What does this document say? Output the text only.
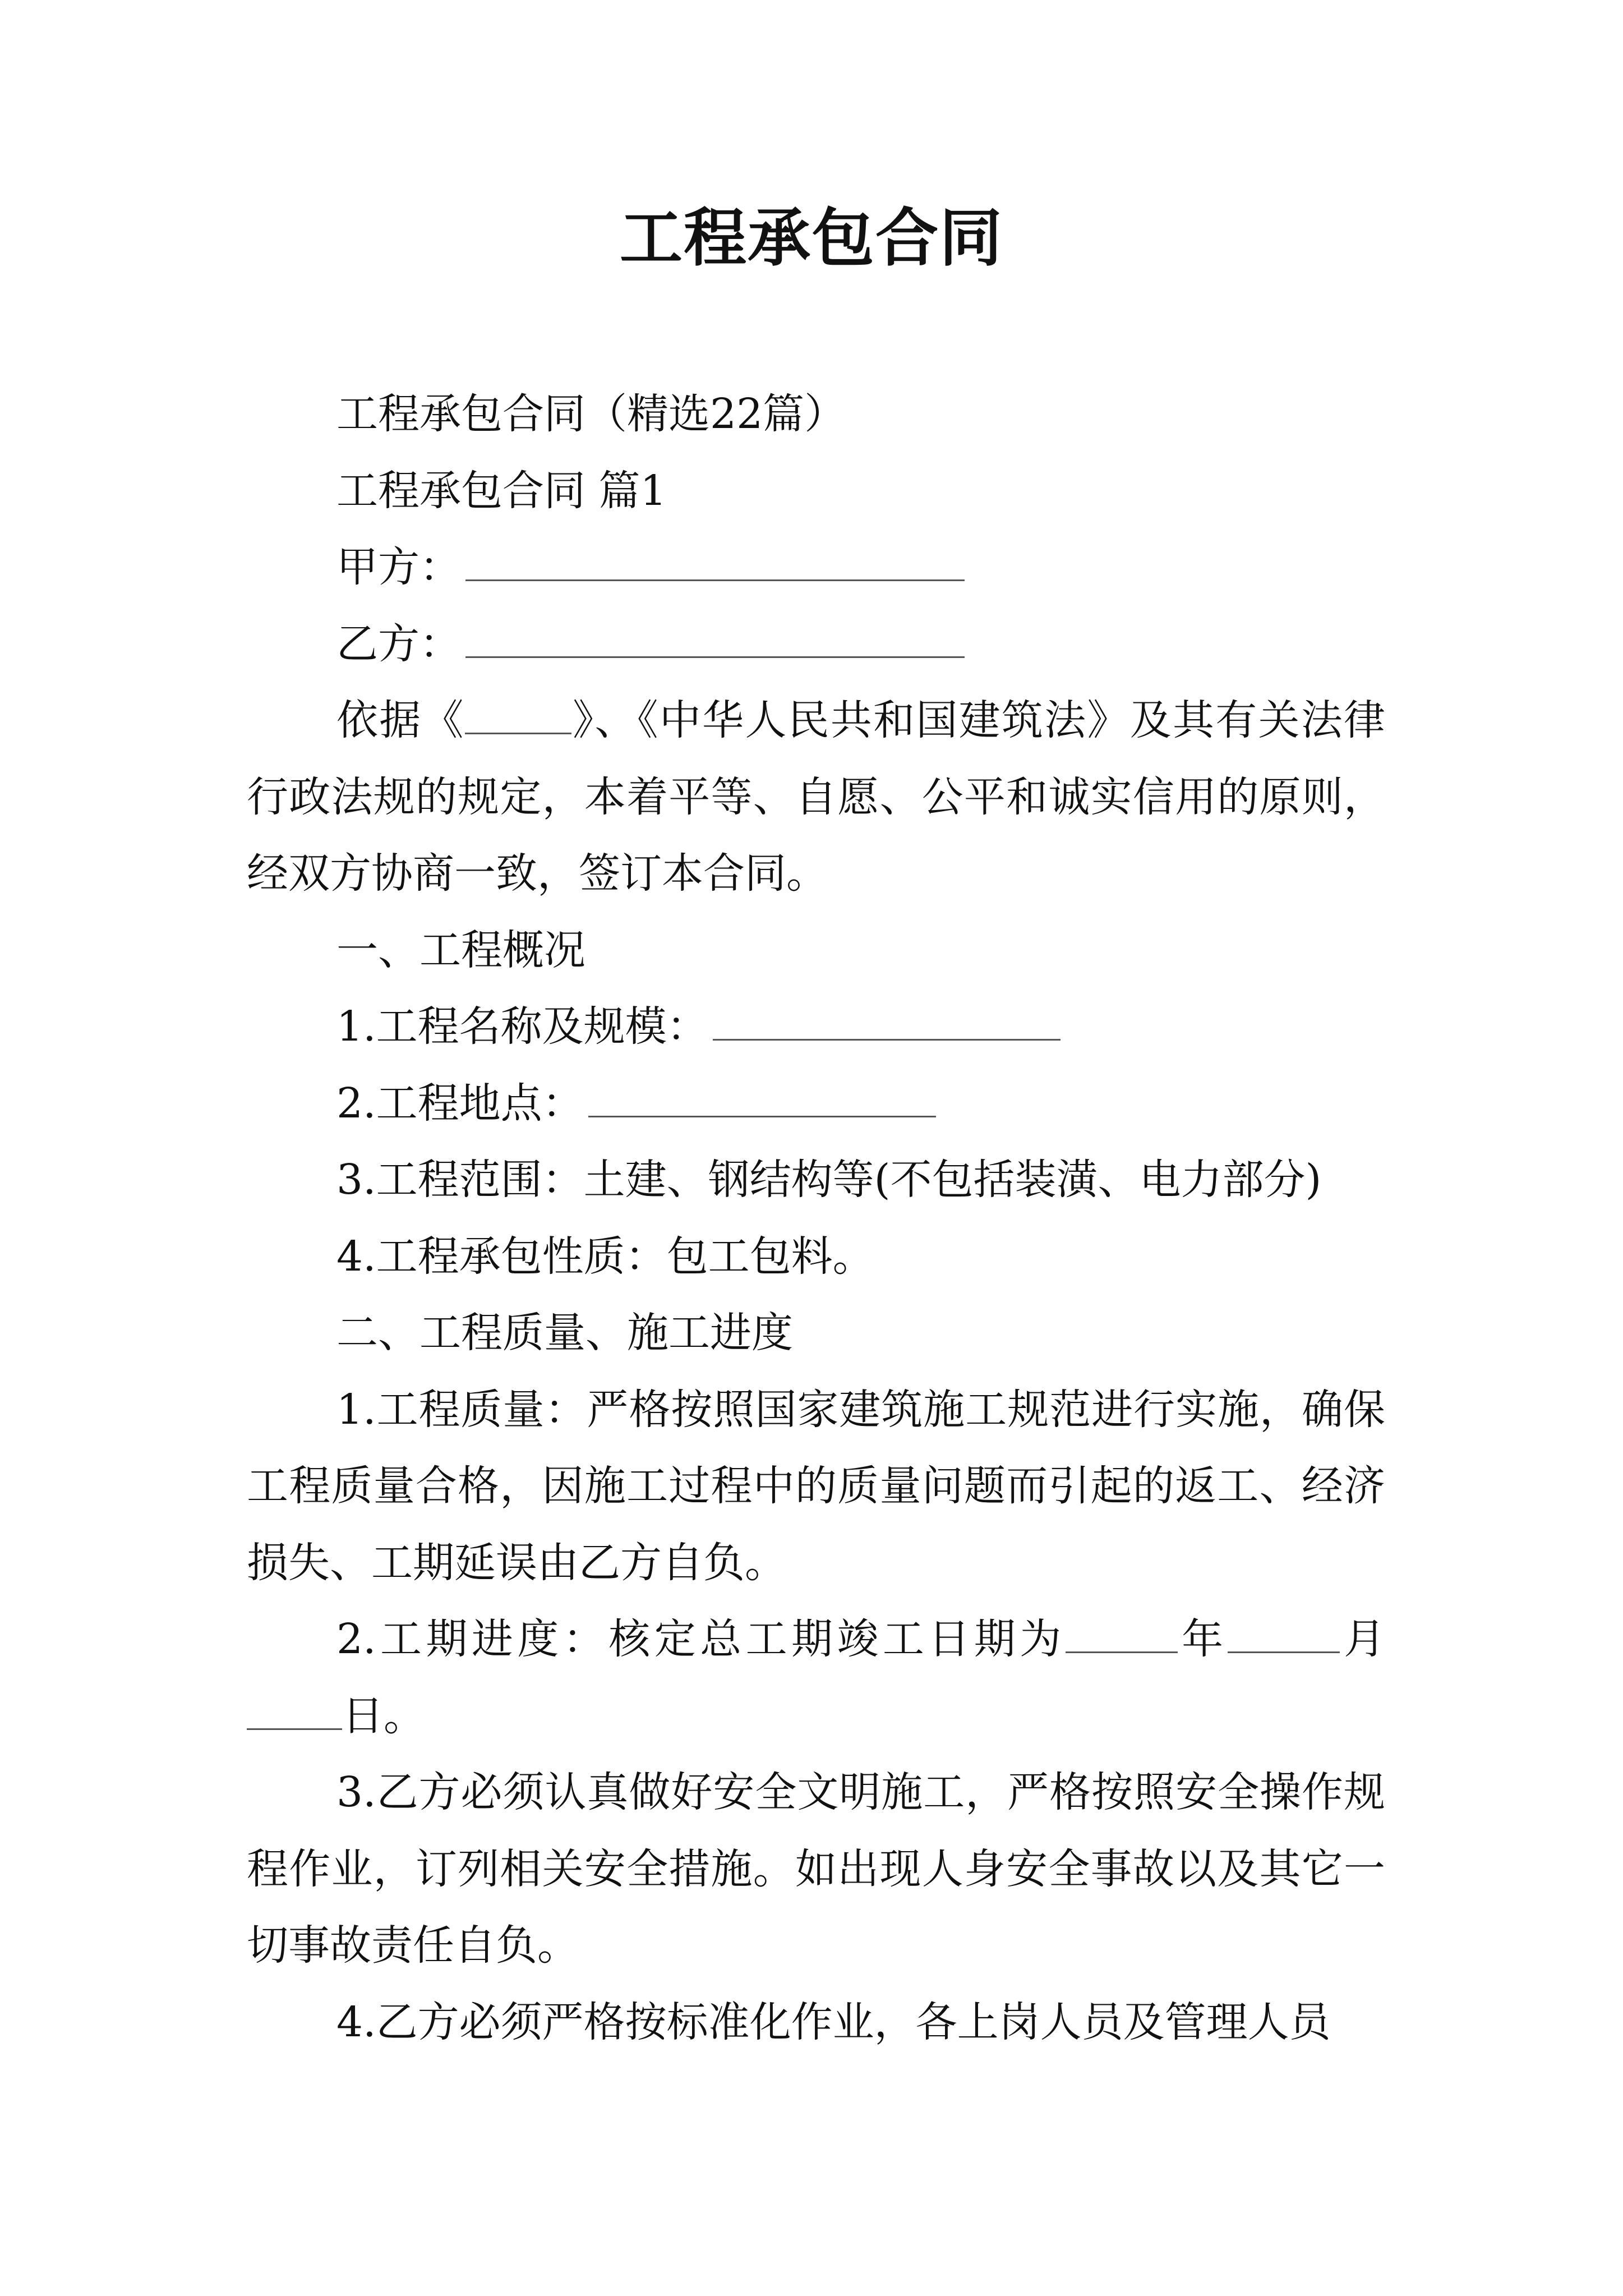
工程承包合同

工程承包合同（精选22篇）

工程承包合同 篇1

甲方：

乙方：

依据《	》、《中华人民共和国建筑法》及其有关法律行政法规的规定，本着平等、自愿、公平和诚实信用的原则，经双方协商一致，签订本合同。

一、工程概况

1.工程名称及规模：

2.工程地点：

3.工程范围：土建、钢结构等(不包括装潢、电力部分)

4.工程承包性质：包工包料。

二、工程质量、施工进度

1.工程质量：严格按照国家建筑施工规范进行实施，确保工程质量合格，因施工过程中的质量问题而引起的返工、经济损失、工期延误由乙方自负。

2.工期进度：核定总工期竣工日期为	年	月日。

3.乙方必须认真做好安全文明施工，严格按照安全操作规程作业，订列相关安全措施。如出现人身安全事故以及其它一切事故责任自负。

4.乙方必须严格按标准化作业，各上岗人员及管理人员
